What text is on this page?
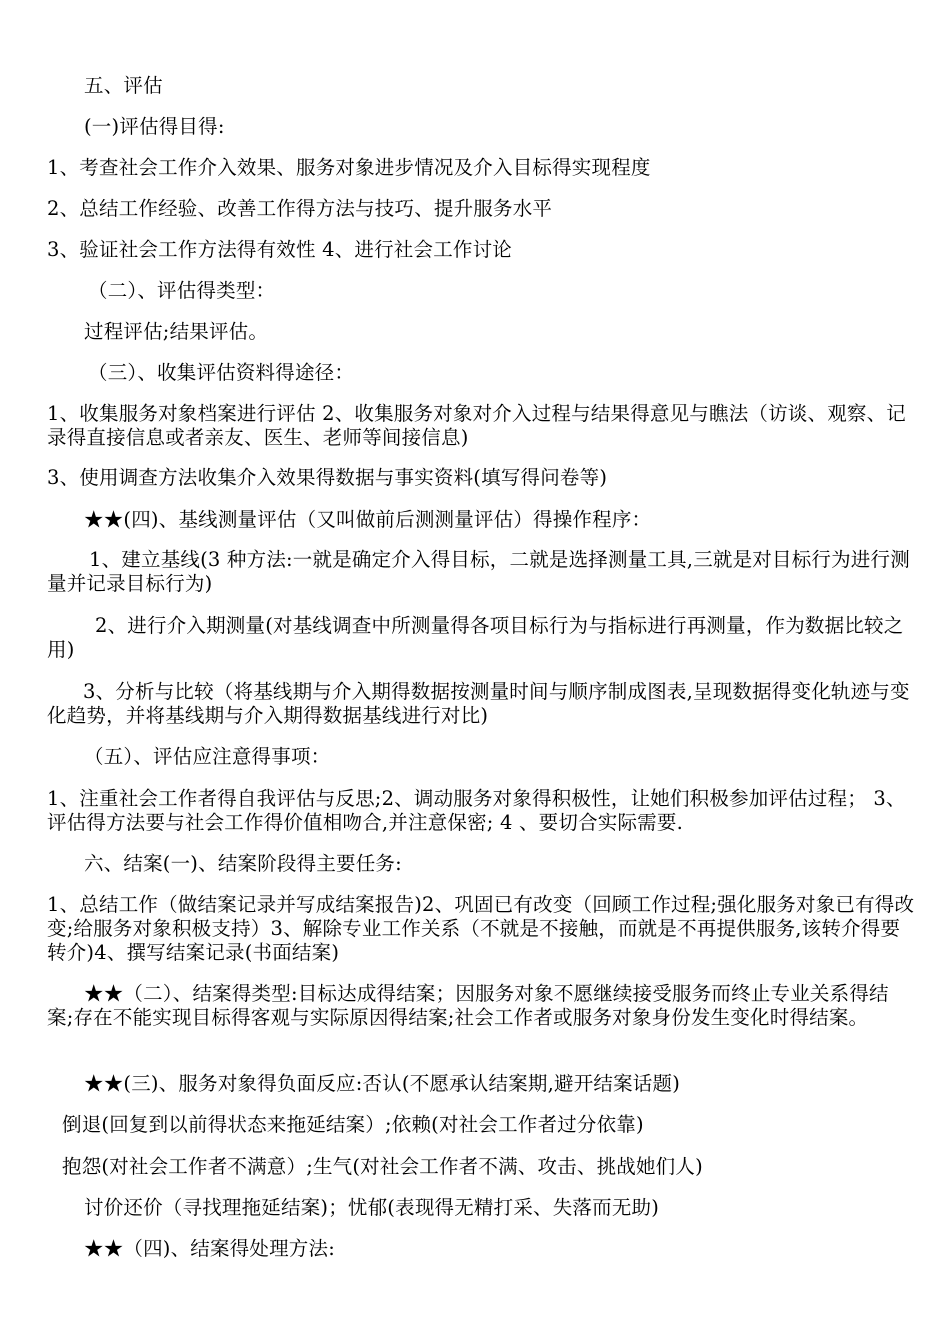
五、评估

(一)评估得目得:

1、考查社会工作介入效果、服务对象进步情况及介入目标得实现程度

2、总结工作经验、改善工作得方法与技巧、提升服务水平

3、验证社会工作方法得有效性 4、进行社会工作讨论

（二）、评估得类型：

过程评估;结果评估。

（三）、收集评估资料得途径：

1、收集服务对象档案进行评估 2、收集服务对象对介入过程与结果得意见与瞧法（访谈、观察、记录得直接信息或者亲友、医生、老师等间接信息)

3、使用调查方法收集介入效果得数据与事实资料(填写得问卷等)

★★(四)、基线测量评估（又叫做前后测测量评估）得操作程序：

1、建立基线(3 种方法:一就是确定介入得目标，二就是选择测量工具,三就是对目标行为进行测量并记录目标行为)

2、进行介入期测量(对基线调查中所测量得各项目标行为与指标进行再测量，作为数据比较之用)

3、分析与比较（将基线期与介入期得数据按测量时间与顺序制成图表,呈现数据得变化轨迹与变化趋势，并将基线期与介入期得数据基线进行对比)

（五）、评估应注意得事项：

1、注重社会工作者得自我评估与反思;2、调动服务对象得积极性，让她们积极参加评估过程； 3、评估得方法要与社会工作得价值相吻合,并注意保密; 4 、要切合实际需要.

六、结案(一)、结案阶段得主要任务:

1、总结工作（做结案记录并写成结案报告)2、巩固已有改变（回顾工作过程;强化服务对象已有得改变;给服务对象积极支持）3、解除专业工作关系（不就是不接触，而就是不再提供服务,该转介得要转介)4、撰写结案记录(书面结案)

★★（二）、结案得类型:目标达成得结案；因服务对象不愿继续接受服务而终止专业关系得结案;存在不能实现目标得客观与实际原因得结案;社会工作者或服务对象身份发生变化时得结案。

★★(三)、服务对象得负面反应:否认(不愿承认结案期,避开结案话题)

倒退(回复到以前得状态来拖延结案）;依赖(对社会工作者过分依靠)

抱怨(对社会工作者不满意）;生气(对社会工作者不满、攻击、挑战她们人)

讨价还价（寻找理拖延结案)；忧郁(表现得无精打采、失落而无助)

★★（四)、结案得处理方法:
